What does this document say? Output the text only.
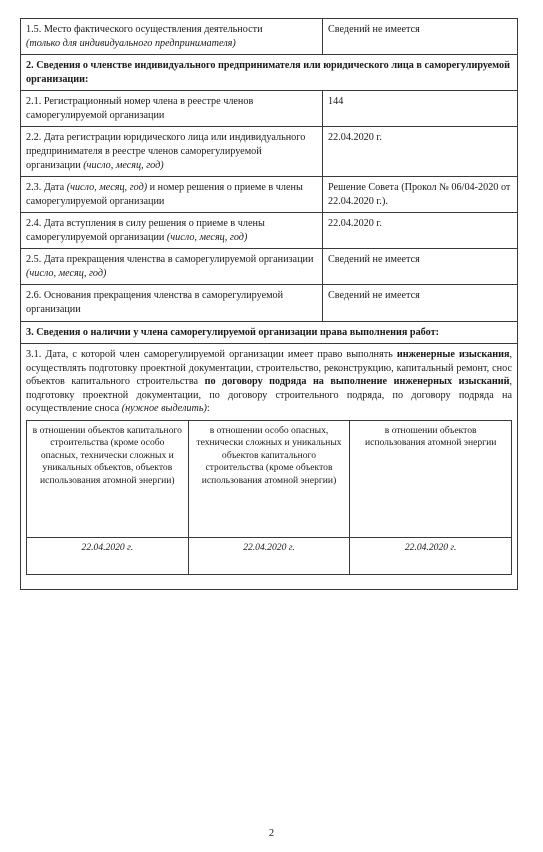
1.5. Место фактического осуществления деятельности
(только для индивидуального предпринимателя)	Сведений не имеется
2. Сведения о членстве индивидуального предпринимателя или юридического лица в саморегулируемой организации:
2.1. Регистрационный номер члена в реестре членов саморегулируемой организации	144
2.2. Дата регистрации юридического лица или индивидуального предпринимателя в реестре членов саморегулируемой организации (число, месяц, год)	22.04.2020 г.
2.3. Дата (число, месяц, год) и номер решения о приеме в члены саморегулируемой организации	Решение Совета (Прокол № 06/04-2020 от 22.04.2020 г.).
2.4. Дата вступления в силу решения о приеме в члены саморегулируемой организации (число, месяц, год)	22.04.2020 г.
2.5. Дата прекращения членства в саморегулируемой организации (число, месяц, год)	Сведений не имеется
2.6. Основания прекращения членства в саморегулируемой организации	Сведений не имеется
3. Сведения о наличии у члена саморегулируемой организации права выполнения работ:

3.1. Дата, с которой член саморегулируемой организации имеет право выполнять инженерные изыскания, осуществлять подготовку проектной документации, строительство, реконструкцию, капитальный ремонт, снос объектов капитального строительства по договору подряда на выполнение инженерных изысканий, подготовку проектной документации, по договору строительного подряда, по договору подряда на осуществление сноса (нужное выделить):
в отношении объектов капитального строительства (кроме особо опасных, технически сложных и уникальных объектов, объектов использования атомной энергии)	в отношении особо опасных, технически сложных и уникальных объектов капитального строительства (кроме объектов использования атомной энергии)	в отношении объектов использования атомной энергии
22.04.2020 г.	22.04.2020 г.	22.04.2020 г.
2
